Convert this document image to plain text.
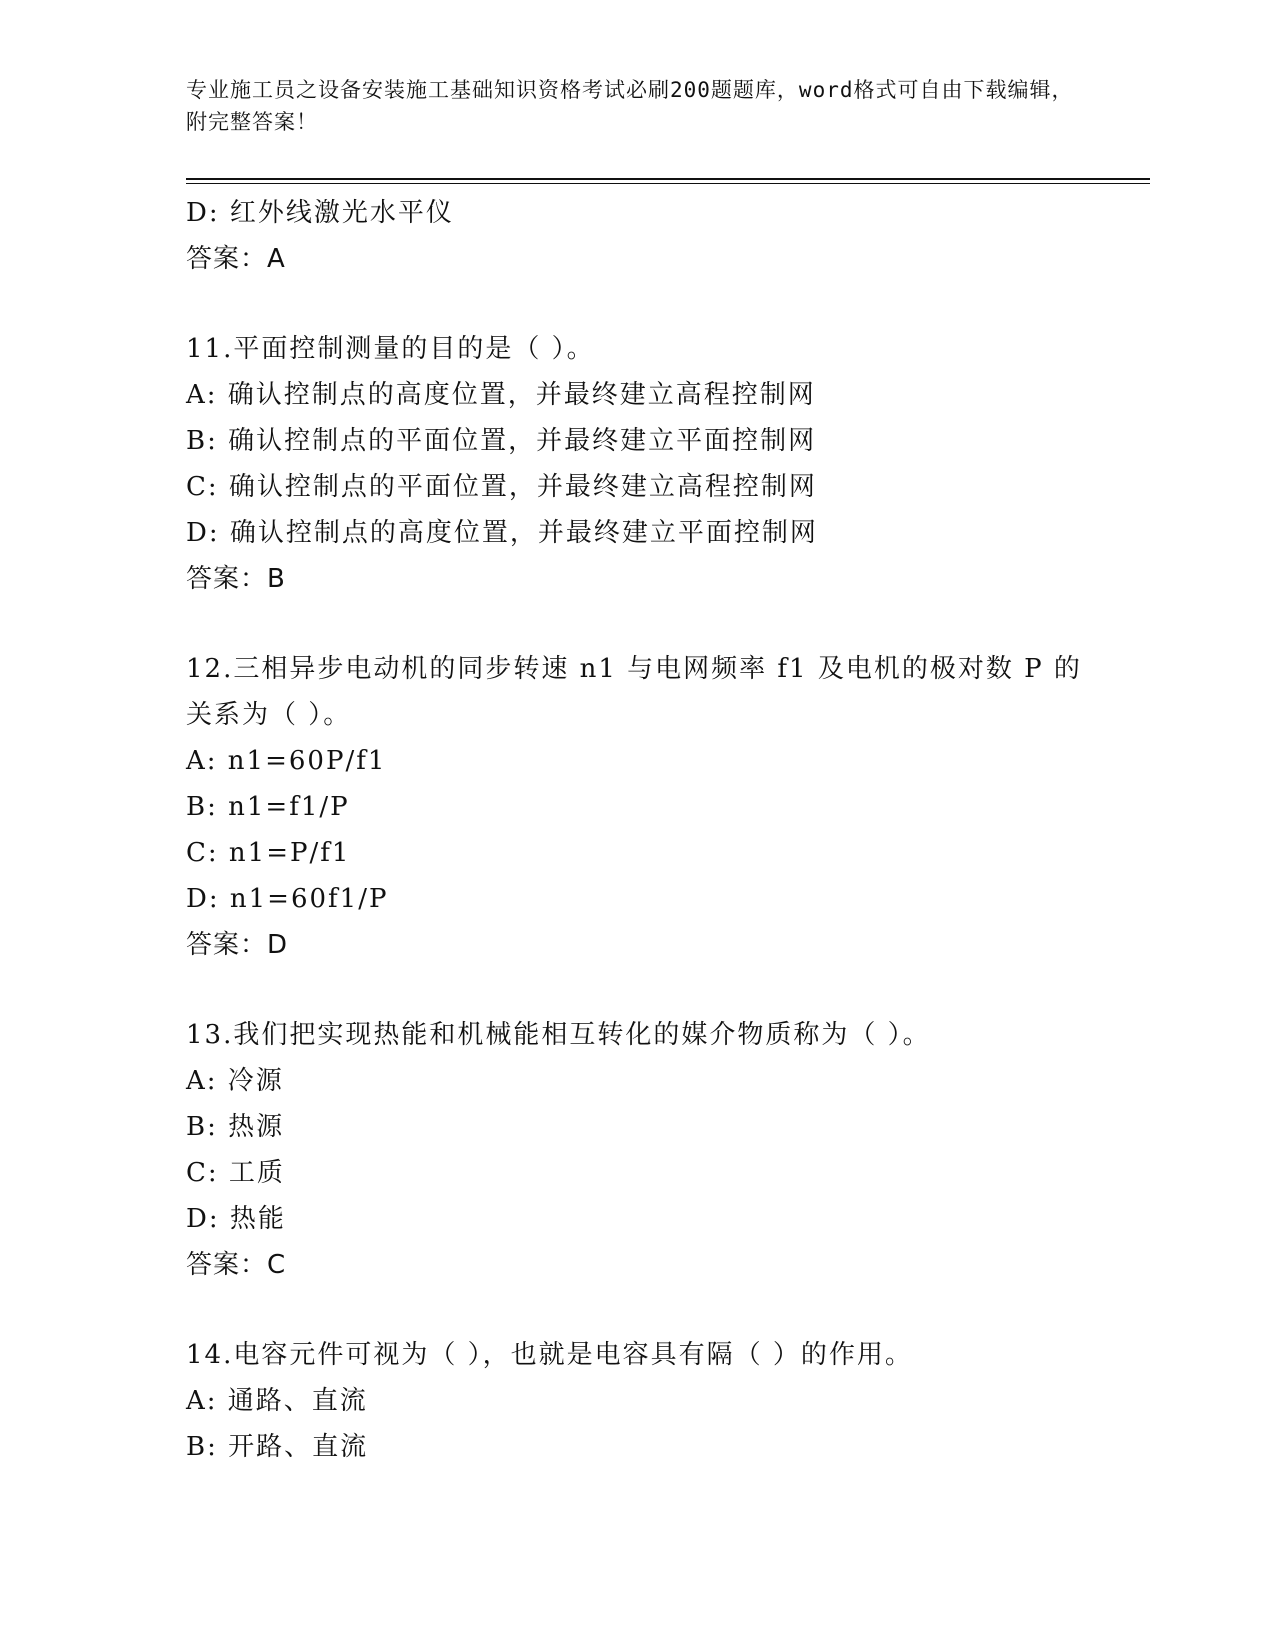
专业施工员之设备安装施工基础知识资格考试必刷200题题库，word格式可自由下载编辑，附完整答案！
D: 红外线激光水平仪
答案：A
11.平面控制测量的目的是（ ）。
A: 确认控制点的高度位置，并最终建立高程控制网
B: 确认控制点的平面位置，并最终建立平面控制网
C: 确认控制点的平面位置，并最终建立高程控制网
D: 确认控制点的高度位置，并最终建立平面控制网
答案：B
12.三相异步电动机的同步转速 n1 与电网频率 f1 及电机的极对数 P 的
关系为（ ）。
A: n1=60P/f1
B: n1=f1/P
C: n1=P/f1
D: n1=60f1/P
答案：D
13.我们把实现热能和机械能相互转化的媒介物质称为（ ）。
A: 冷源
B: 热源
C: 工质
D: 热能
答案：C
14.电容元件可视为（ ），也就是电容具有隔（ ）的作用。
A: 通路、直流
B: 开路、直流
